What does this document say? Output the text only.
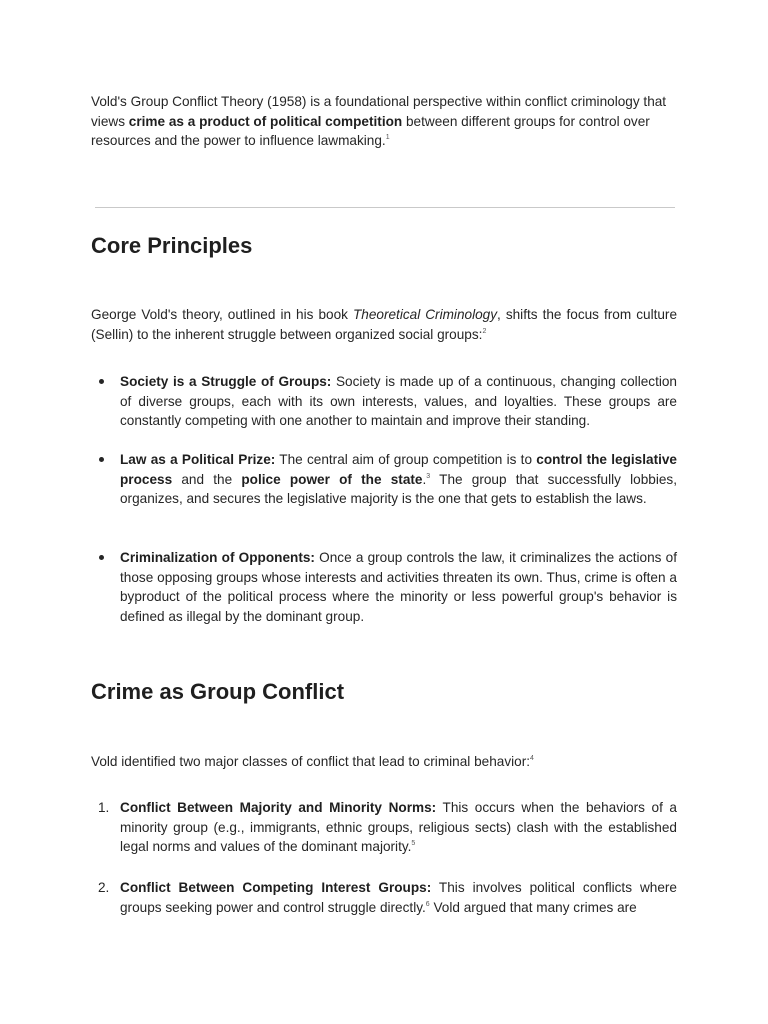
Vold's Group Conflict Theory (1958) is a foundational perspective within conflict criminology that views crime as a product of political competition between different groups for control over resources and the power to influence lawmaking.$^1$

Core Principles

George Vold's theory, outlined in his book Theoretical Criminology, shifts the focus from culture (Sellin) to the inherent struggle between organized social groups:$^2$

Society is a Struggle of Groups: Society is made up of a continuous, changing collection of diverse groups, each with its own interests, values, and loyalties. These groups are constantly competing with one another to maintain and improve their standing.
Law as a Political Prize: The central aim of group competition is to control the legislative process and the police power of the state.$^3$ The group that successfully lobbies, organizes, and secures the legislative majority is the one that gets to establish the laws.
Criminalization of Opponents: Once a group controls the law, it criminalizes the actions of those opposing groups whose interests and activities threaten its own. Thus, crime is often a byproduct of the political process where the minority or less powerful group's behavior is defined as illegal by the dominant group.
Crime as Group Conflict

Vold identified two major classes of conflict that lead to criminal behavior:$^4$

1. Conflict Between Majority and Minority Norms: This occurs when the behaviors of a minority group (e.g., immigrants, ethnic groups, religious sects) clash with the established legal norms and values of the dominant majority.$^5$
2. Conflict Between Competing Interest Groups: This involves political conflicts where groups seeking power and control struggle directly.$^6$ Vold argued that many crimes are
